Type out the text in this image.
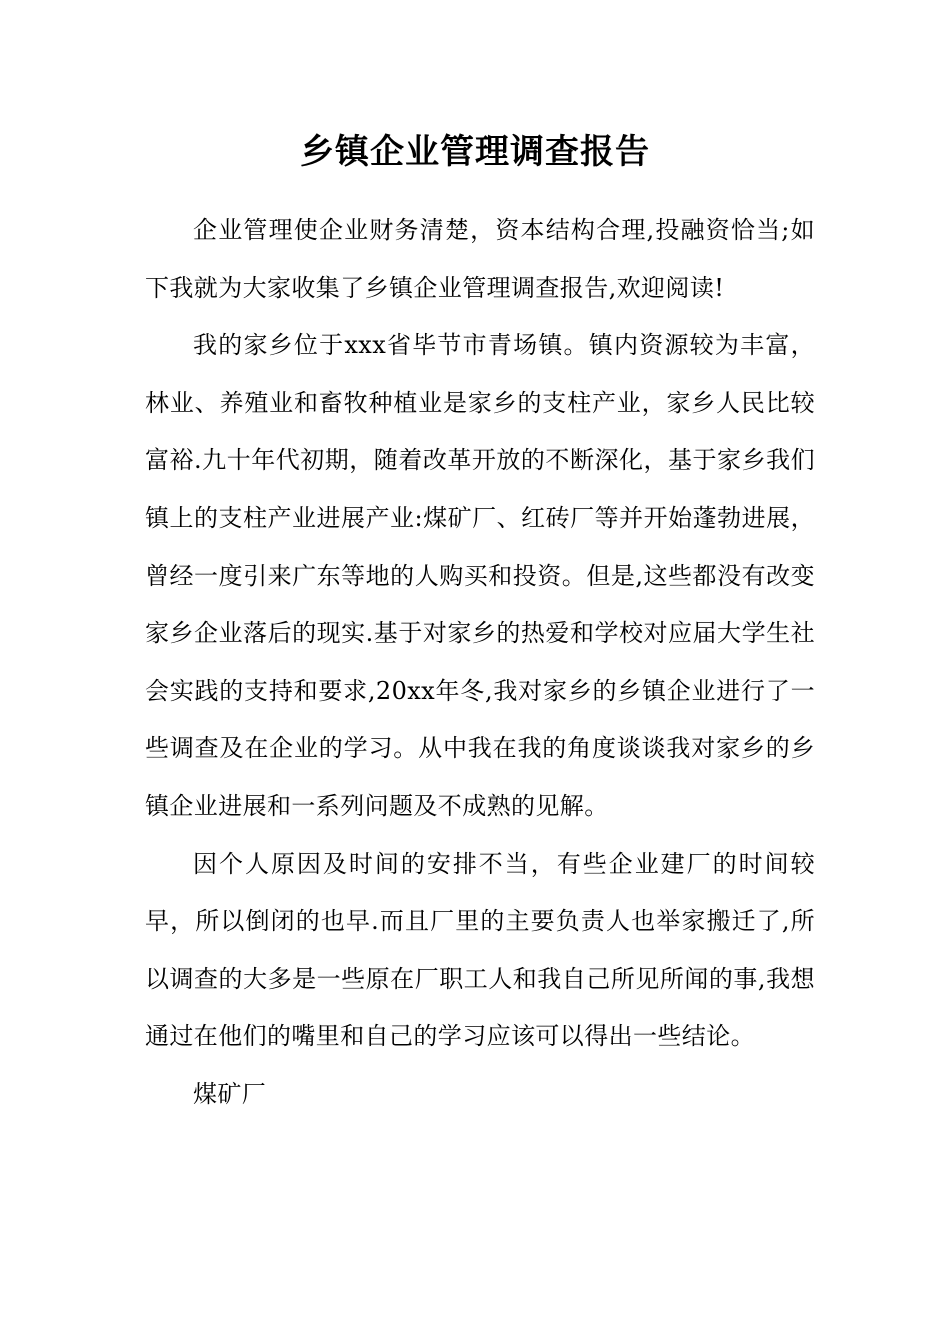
乡镇企业管理调查报告

企业管理使企业财务清楚，资本结构合理,投融资恰当;如下我就为大家收集了乡镇企业管理调查报告,欢迎阅读!

我的家乡位于xxx省毕节市青场镇。镇内资源较为丰富，林业、养殖业和畜牧种植业是家乡的支柱产业，家乡人民比较富裕.九十年代初期，随着改革开放的不断深化，基于家乡我们镇上的支柱产业进展产业:煤矿厂、红砖厂等并开始蓬勃进展，曾经一度引来广东等地的人购买和投资。但是,这些都没有改变家乡企业落后的现实.基于对家乡的热爱和学校对应届大学生社会实践的支持和要求,20xx年冬,我对家乡的乡镇企业进行了一些调查及在企业的学习。从中我在我的角度谈谈我对家乡的乡镇企业进展和一系列问题及不成熟的见解。

因个人原因及时间的安排不当，有些企业建厂的时间较早，所以倒闭的也早.而且厂里的主要负责人也举家搬迁了,所以调查的大多是一些原在厂职工人和我自己所见所闻的事,我想通过在他们的嘴里和自己的学习应该可以得出一些结论。

煤矿厂
